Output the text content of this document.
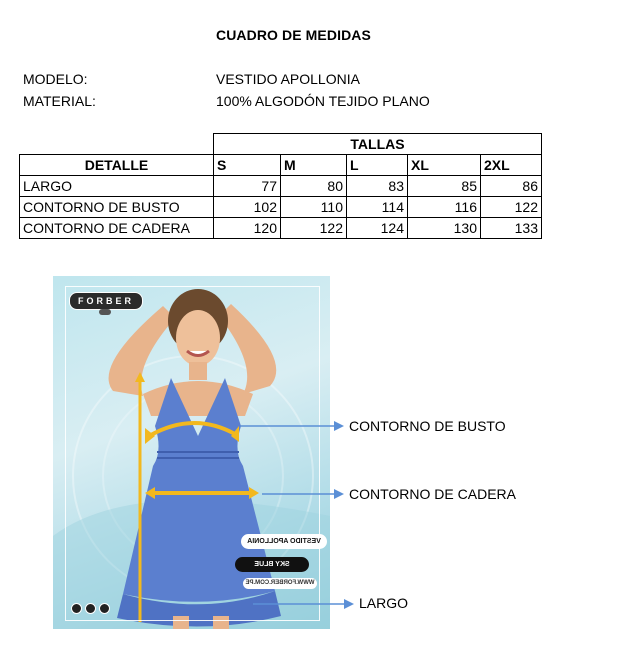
CUADRO DE MEDIDAS
MODELO:	VESTIDO APOLLONIA
MATERIAL:	100% ALGODÓN TEJIDO PLANO
	TALLAS				
DETALLE	S	M	L	XL	2XL
LARGO	77	80	83	85	86
CONTORNO DE BUSTO	102	110	114	116	122
CONTORNO DE CADERA	120	122	124	130	133
FORBER
VESTIDO APOLLONIA
SKY BLUE
WWW.FORBER.COM.PE
CONTORNO DE BUSTO
CONTORNO DE CADERA
LARGO
